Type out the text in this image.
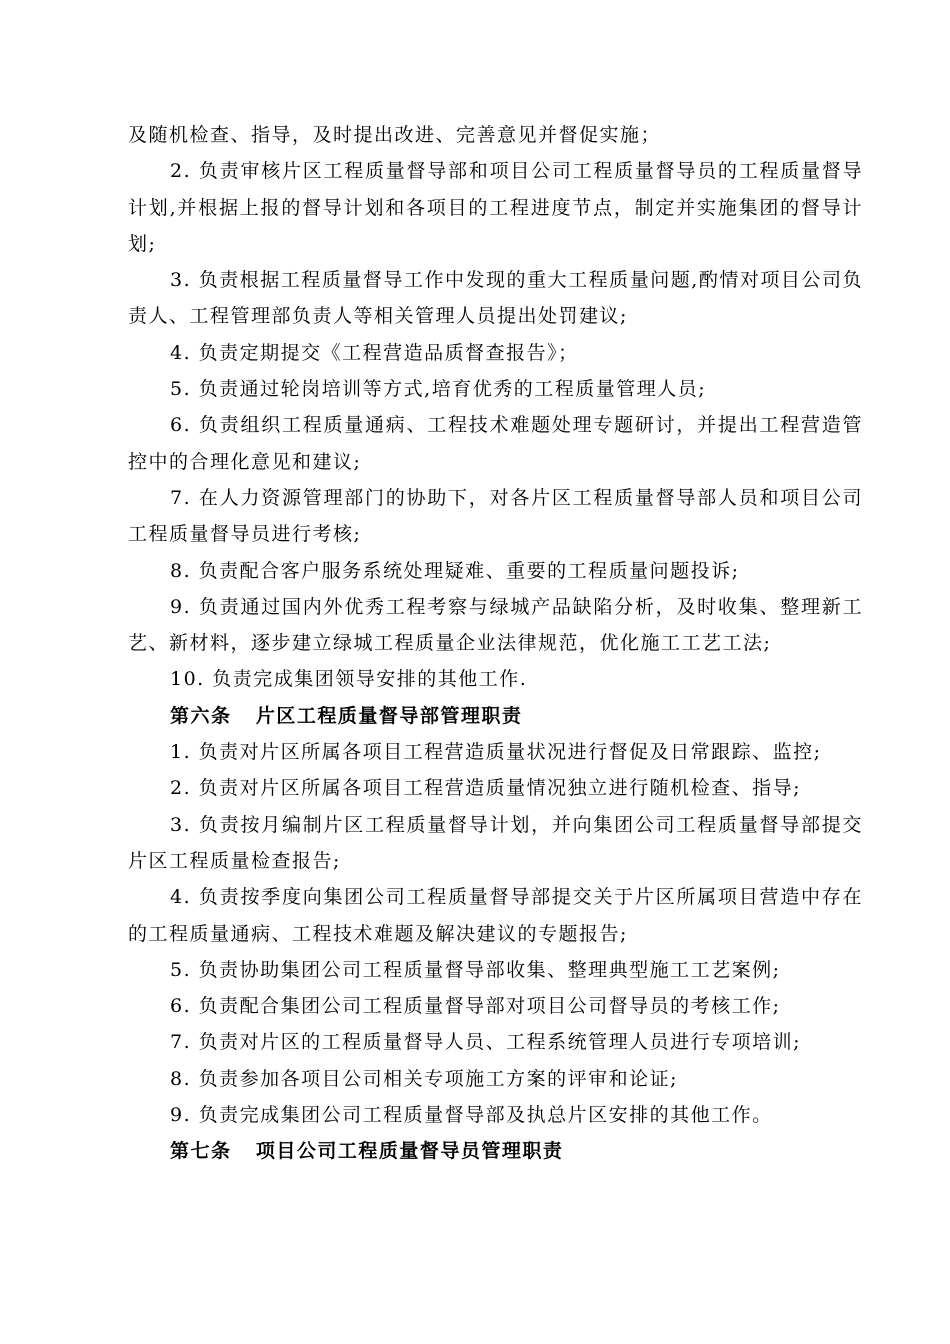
及随机检查、指导，及时提出改进、完善意见并督促实施；

2. 负责审核片区工程质量督导部和项目公司工程质量督导员的工程质量督导计划,并根据上报的督导计划和各项目的工程进度节点，制定并实施集团的督导计划;

3. 负责根据工程质量督导工作中发现的重大工程质量问题,酌情对项目公司负责人、工程管理部负责人等相关管理人员提出处罚建议;

4. 负责定期提交《工程营造品质督查报告》；

5. 负责通过轮岗培训等方式,培育优秀的工程质量管理人员;

6. 负责组织工程质量通病、工程技术难题处理专题研讨，并提出工程营造管控中的合理化意见和建议;

7. 在人力资源管理部门的协助下，对各片区工程质量督导部人员和项目公司工程质量督导员进行考核;

8. 负责配合客户服务系统处理疑难、重要的工程质量问题投诉;

9. 负责通过国内外优秀工程考察与绿城产品缺陷分析，及时收集、整理新工艺、新材料，逐步建立绿城工程质量企业法律规范，优化施工工艺工法;

10. 负责完成集团领导安排的其他工作.

第六条   片区工程质量督导部管理职责

1. 负责对片区所属各项目工程营造质量状况进行督促及日常跟踪、监控;

2. 负责对片区所属各项目工程营造质量情况独立进行随机检查、指导;

3. 负责按月编制片区工程质量督导计划，并向集团公司工程质量督导部提交片区工程质量检查报告;

4. 负责按季度向集团公司工程质量督导部提交关于片区所属项目营造中存在的工程质量通病、工程技术难题及解决建议的专题报告;

5. 负责协助集团公司工程质量督导部收集、整理典型施工工艺案例;

6. 负责配合集团公司工程质量督导部对项目公司督导员的考核工作;

7. 负责对片区的工程质量督导人员、工程系统管理人员进行专项培训;

8. 负责参加各项目公司相关专项施工方案的评审和论证;

9. 负责完成集团公司工程质量督导部及执总片区安排的其他工作。

第七条   项目公司工程质量督导员管理职责
